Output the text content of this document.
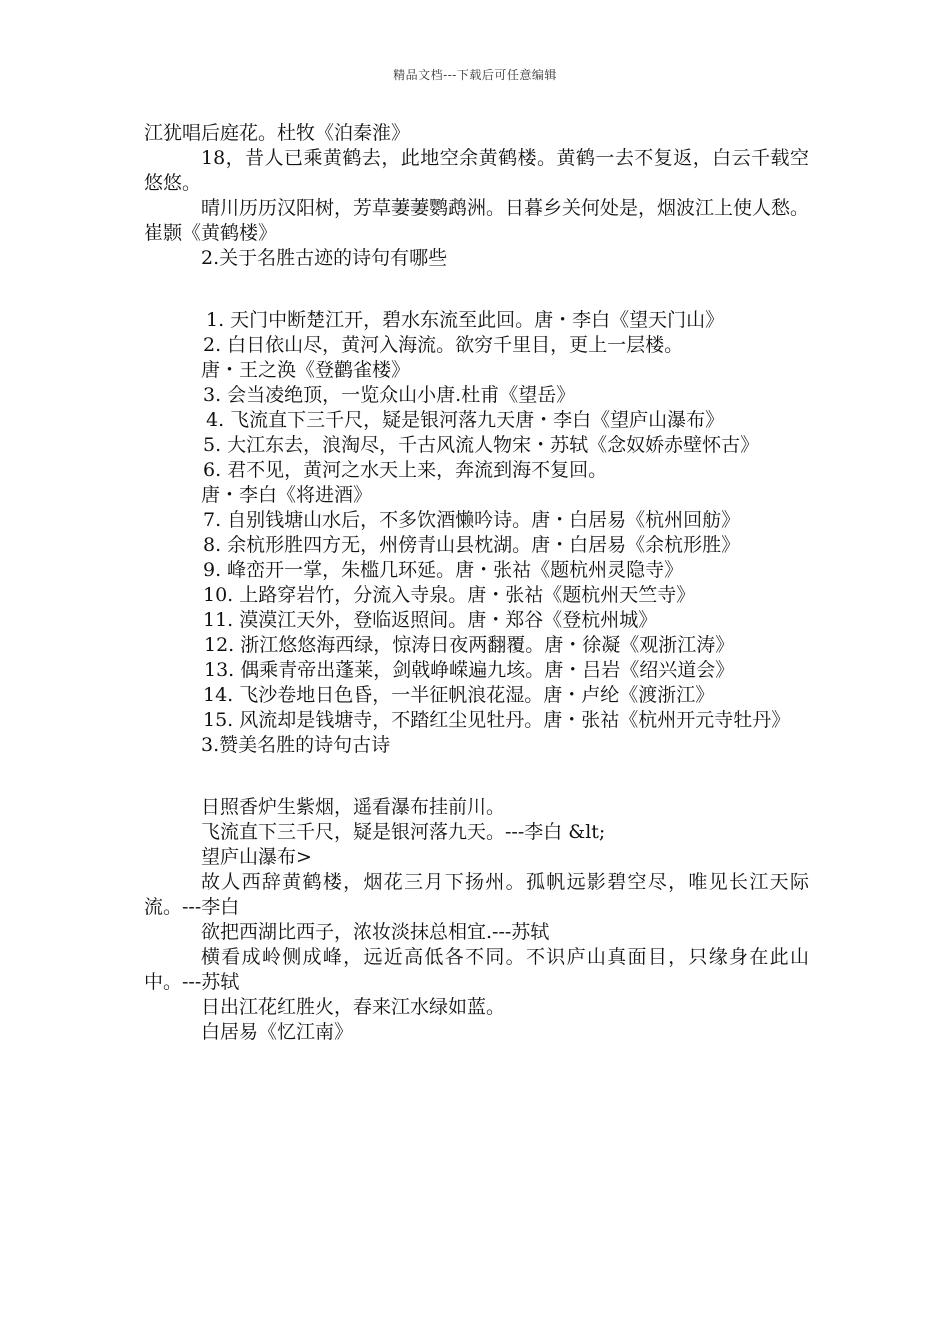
精品文档---下载后可任意编辑

江犹唱后庭花。杜牧《泊秦淮》

18，昔人已乘黄鹤去，此地空余黄鹤楼。黄鹤一去不复返，白云千载空悠悠。

晴川历历汉阳树，芳草萋萋鹦鹉洲。日暮乡关何处是，烟波江上使人愁。崔颢《黄鹤楼》

2.关于名胜古迹的诗句有哪些

1. 天门中断楚江开，碧水东流至此回。唐・李白《望天门山》

2. 白日依山尽，黄河入海流。欲穷千里目，更上一层楼。

唐・王之涣《登鹳雀楼》

3. 会当凌绝顶，一览众山小唐.杜甫《望岳》

4. 飞流直下三千尺，疑是银河落九天唐・李白《望庐山瀑布》

5. 大江东去，浪淘尽，千古风流人物宋・苏轼《念奴娇赤壁怀古》

6. 君不见，黄河之水天上来，奔流到海不复回。

唐・李白《将进酒》

7. 自别钱塘山水后，不多饮酒懒吟诗。唐・白居易《杭州回舫》

8. 余杭形胜四方无，州傍青山县枕湖。唐・白居易《余杭形胜》

9. 峰峦开一掌，朱槛几环延。唐・张祜《题杭州灵隐寺》

10. 上路穿岩竹，分流入寺泉。唐・张祜《题杭州天竺寺》

11. 漠漠江天外，登临返照间。唐・郑谷《登杭州城》

12. 浙江悠悠海西绿，惊涛日夜两翻覆。唐・徐凝《观浙江涛》

13. 偶乘青帝出蓬莱，剑戟峥嵘遍九垓。唐・吕岩《绍兴道会》

14. 飞沙卷地日色昏，一半征帆浪花湿。唐・卢纶《渡浙江》

15. 风流却是钱塘寺，不踏红尘见牡丹。唐・张祜《杭州开元寺牡丹》

3.赞美名胜的诗句古诗

日照香炉生紫烟，遥看瀑布挂前川。

飞流直下三千尺，疑是银河落九天。---李白 &lt;

望庐山瀑布>

故人西辞黄鹤楼，烟花三月下扬州。孤帆远影碧空尽，唯见长江天际流。---李白

欲把西湖比西子，浓妆淡抹总相宜.---苏轼

横看成岭侧成峰，远近高低各不同。不识庐山真面目，只缘身在此山中。---苏轼

日出江花红胜火，春来江水绿如蓝。

白居易《忆江南》
